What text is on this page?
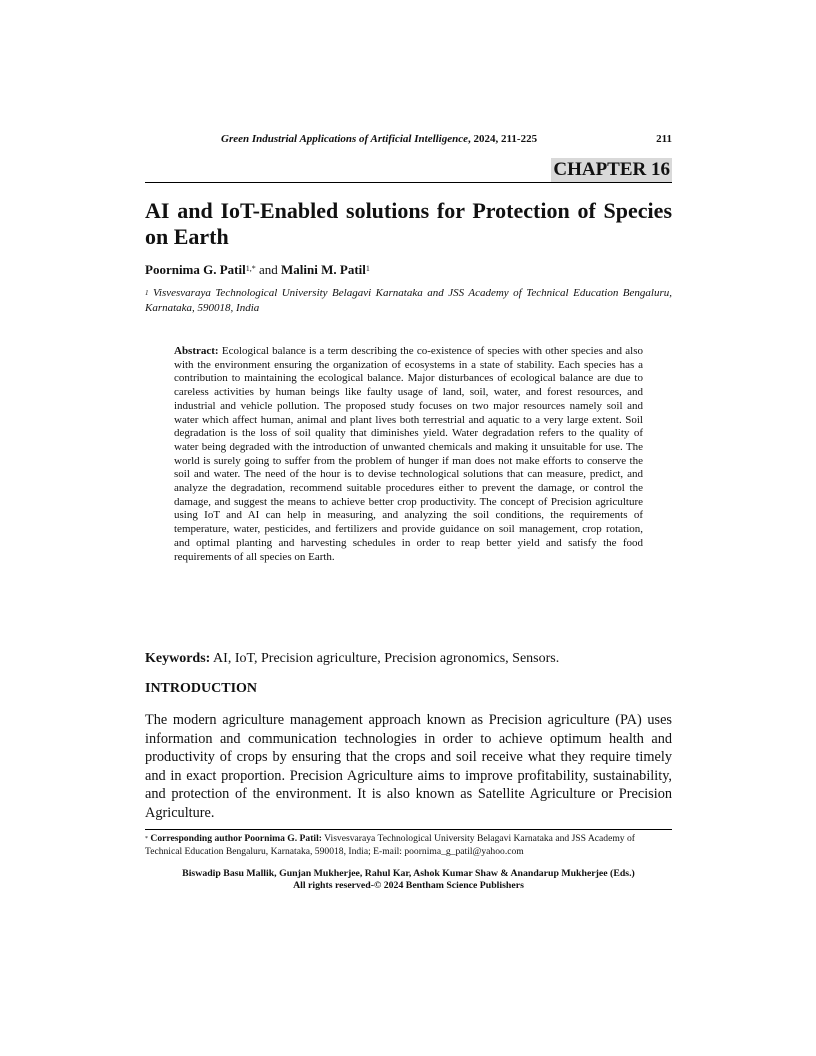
Green Industrial Applications of Artificial Intelligence, 2024, 211-225	211
CHAPTER 16
AI and IoT-Enabled solutions for Protection of Species on Earth
Poornima G. Patil$^{1,*}$ and Malini M. Patil$^1$
$^1$ Visvesvaraya Technological University Belagavi Karnataka and JSS Academy of Technical Education Bengaluru, Karnataka, 590018, India
Abstract: Ecological balance is a term describing the co-existence of species with other species and also with the environment ensuring the organization of ecosystems in a state of stability. Each species has a contribution to maintaining the ecological balance. Major disturbances of ecological balance are due to careless activities by human beings like faulty usage of land, soil, water, and forest resources, and industrial and vehicle pollution. The proposed study focuses on two major resources namely soil and water which affect human, animal and plant lives both terrestrial and aquatic to a very large extent. Soil degradation is the loss of soil quality that diminishes yield. Water degradation refers to the quality of water being degraded with the introduction of unwanted chemicals and making it unsuitable for use. The world is surely going to suffer from the problem of hunger if man does not make efforts to conserve the soil and water. The need of the hour is to devise technological solutions that can measure, predict, and analyze the degradation, recommend suitable procedures either to prevent the damage, or control the damage, and suggest the means to achieve better crop productivity. The concept of Precision agriculture using IoT and AI can help in measuring, and analyzing the soil conditions, the requirements of temperature, water, pesticides, and fertilizers and provide guidance on soil management, crop rotation, and optimal planting and harvesting schedules in order to reap better yield and satisfy the food requirements of all species on Earth.
Keywords: AI, IoT, Precision agriculture, Precision agronomics, Sensors.
INTRODUCTION
The modern agriculture management approach known as Precision agriculture (PA) uses information and communication technologies in order to achieve optimum health and productivity of crops by ensuring that the crops and soil receive what they require timely and in exact proportion. Precision Agriculture aims to improve profitability, sustainability, and protection of the environment. It is also known as Satellite Agriculture or Precision Agriculture.
* Corresponding author Poornima G. Patil: Visvesvaraya Technological University Belagavi Karnataka and JSS Academy of Technical Education Bengaluru, Karnataka, 590018, India; E-mail: poornima_g_patil@yahoo.com
Biswadip Basu Mallik, Gunjan Mukherjee, Rahul Kar, Ashok Kumar Shaw & Anandarup Mukherjee (Eds.)
All rights reserved-© 2024 Bentham Science Publishers
